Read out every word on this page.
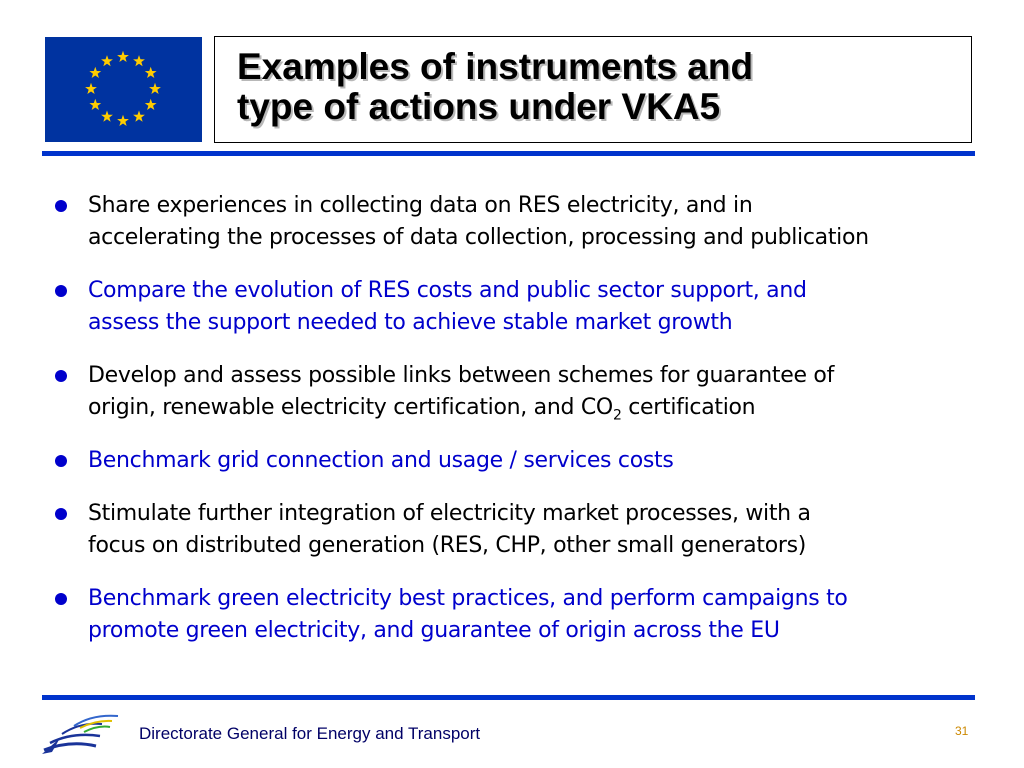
Examples of instruments and
type of actions under VKA5
Share experiences in collecting data on RES electricity, and in
accelerating the processes of data collection, processing and publication
Compare the evolution of RES costs and public sector support, and
assess the support needed to achieve stable market growth
Develop and assess possible links between schemes for guarantee of
origin, renewable electricity certification, and $CO_2$ certification
Benchmark grid connection and usage / services costs
Stimulate further integration of electricity market processes, with a
focus on distributed generation (RES, CHP, other small generators)
Benchmark green electricity best practices, and perform campaigns to
promote green electricity, and guarantee of origin across the EU
Directorate General for Energy and Transport	31
